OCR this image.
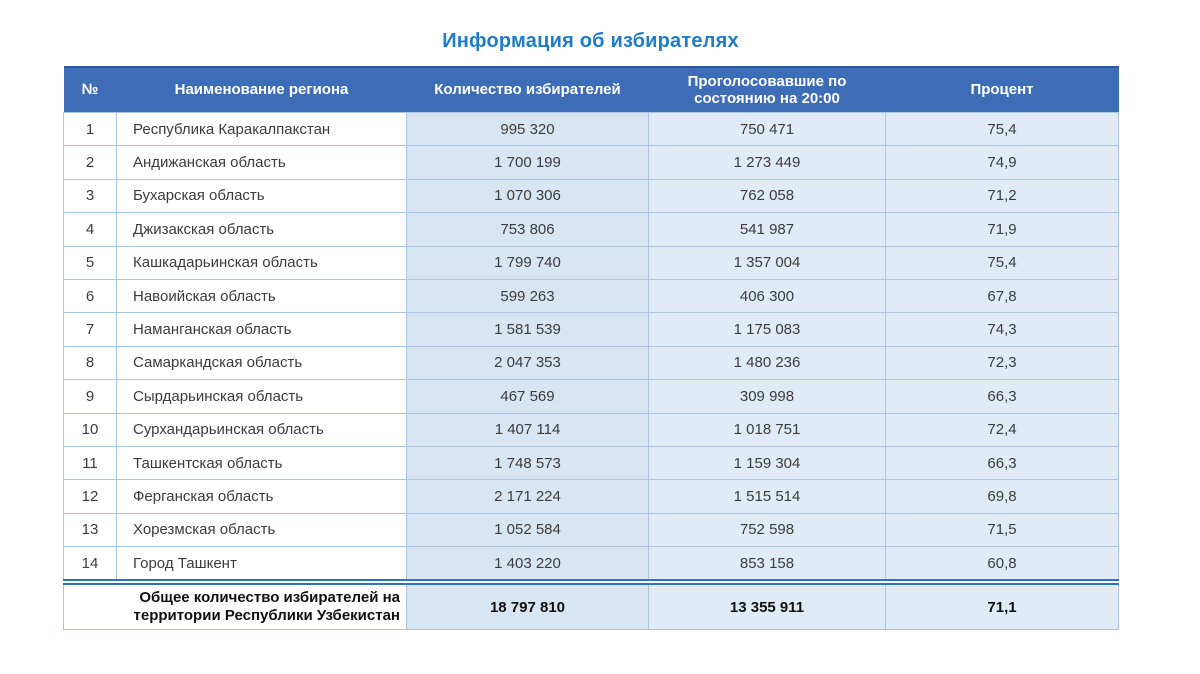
Информация об избирателях
№	Наименование региона	Количество избирателей	Проголосовавшие по состоянию на 20:00	Процент
1	Республика Каракалпакстан	995 320	750 471	75,4
2	Андижанская область	1 700 199	1 273 449	74,9
3	Бухарская область	1 070 306	762 058	71,2
4	Джизакская область	753 806	541 987	71,9
5	Кашкадарьинская область	1 799 740	1 357 004	75,4
6	Навоийская область	599 263	406 300	67,8
7	Наманганская область	1 581 539	1 175 083	74,3
8	Самаркандская область	2 047 353	1 480 236	72,3
9	Сырдарьинская область	467 569	309 998	66,3
10	Сурхандарьинская область	1 407 114	1 018 751	72,4
11	Ташкентская область	1 748 573	1 159 304	66,3
12	Ферганская область	2 171 224	1 515 514	69,8
13	Хорезмская область	1 052 584	752 598	71,5
14	Город Ташкент	1 403 220	853 158	60,8

Общее количество избирателей на территории Республики Узбекистан		18 797 810	13 355 911	71,1
